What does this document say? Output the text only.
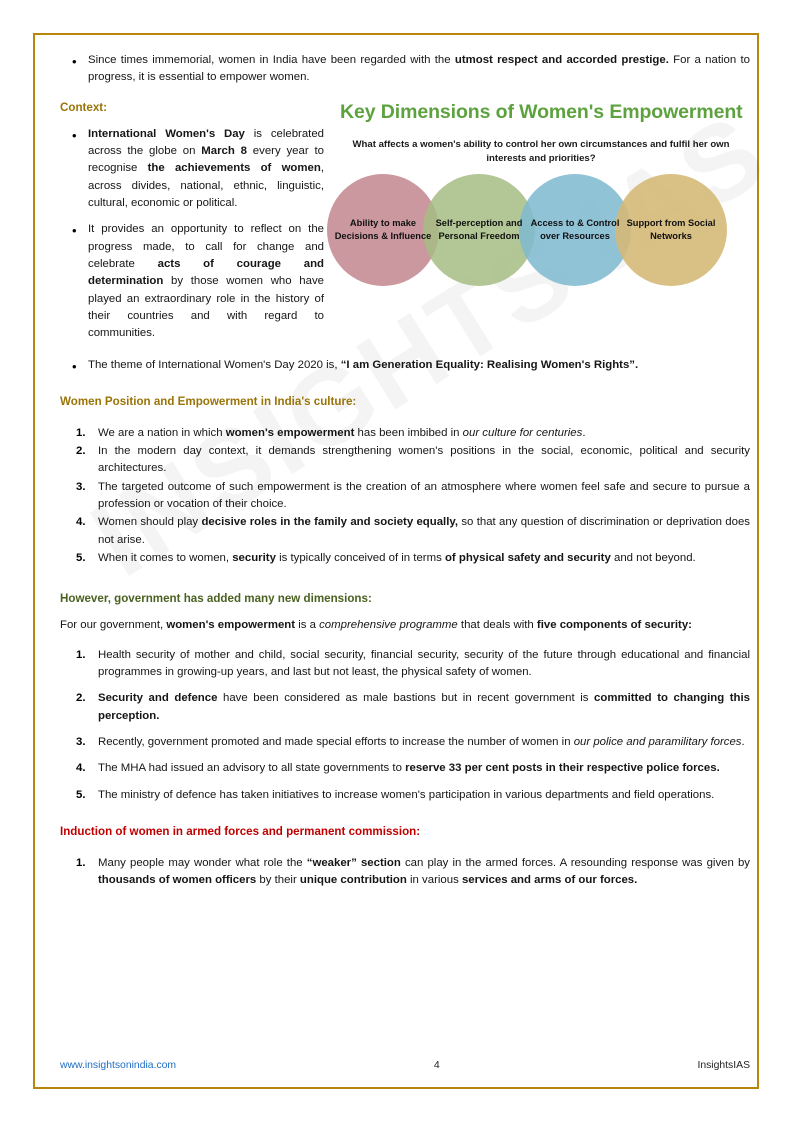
•	Since times immemorial, women in India have been regarded with the utmost respect and accorded prestige. For a nation to progress, it is essential to empower women.
Context:
•	International Women's Day is celebrated across the globe on March 8 every year to recognise the achievements of women, across divides, national, ethnic, linguistic, cultural, economic or political.
•	It provides an opportunity to reflect on the progress made, to call for change and celebrate acts of courage and determination by those women who have played an extraordinary role in the history of their countries and with regard to communities.
Key Dimensions of Women's Empowerment
What affects a women's ability to control her own circumstances and fulfil her own interests and priorities?
Ability to make Decisions & Influence
Self-perception and Personal Freedom
Access to & Control over Resources
Support from Social Networks
•	The theme of International Women's Day 2020 is, “I am Generation Equality: Realising Women's Rights”.
Women Position and Empowerment in India's culture:
1.	We are a nation in which women's empowerment has been imbibed in our culture for centuries.
2.	In the modern day context, it demands strengthening women's positions in the social, economic, political and security architectures.
3.	The targeted outcome of such empowerment is the creation of an atmosphere where women feel safe and secure to pursue a profession or vocation of their choice.
4.	Women should play decisive roles in the family and society equally, so that any question of discrimination or deprivation does not arise.
5.	When it comes to women, security is typically conceived of in terms of physical safety and security and not beyond.
However, government has added many new dimensions:
For our government, women's empowerment is a comprehensive programme that deals with five components of security:
1.	Health security of mother and child, social security, financial security, security of the future through educational and financial programmes in growing-up years, and last but not least, the physical safety of women.
2.	Security and defence have been considered as male bastions but in recent government is committed to changing this perception.
3.	Recently, government promoted and made special efforts to increase the number of women in our police and paramilitary forces.
4.	The MHA had issued an advisory to all state governments to reserve 33 per cent posts in their respective police forces.
5.	The ministry of defence has taken initiatives to increase women's participation in various departments and field operations.
Induction of women in armed forces and permanent commission:
1.	Many people may wonder what role the “weaker” section can play in the armed forces. A resounding response was given by thousands of women officers by their unique contribution in various services and arms of our forces.
www.insightsonindia.com	4	InsightsIAS
